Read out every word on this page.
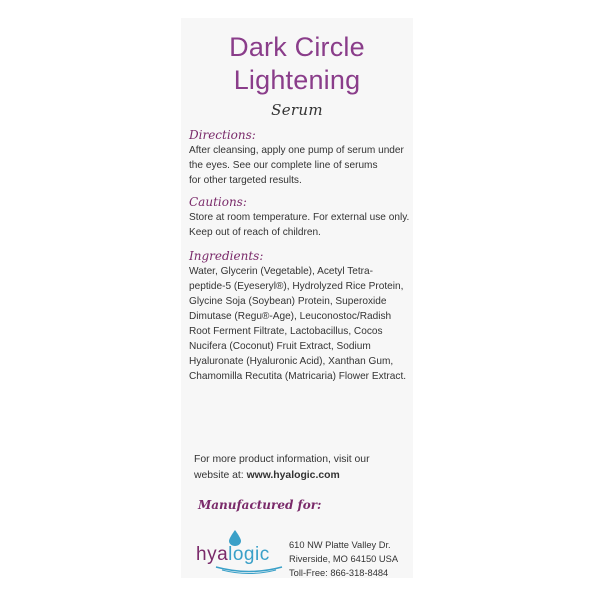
Dark Circle
Lightening
Serum
Directions:
After cleansing, apply one pump of serum under
the eyes. See our complete line of serums
for other targeted results.
Cautions:
Store at room temperature. For external use only.
Keep out of reach of children.
Ingredients:
Water, Glycerin (Vegetable), Acetyl Tetra-
peptide-5 (Eyeseryl®), Hydrolyzed Rice Protein,
Glycine Soja (Soybean) Protein, Superoxide
Dimutase (Regu®-Age), Leuconostoc/Radish
Root Ferment Filtrate, Lactobacillus, Cocos
Nucifera (Coconut) Fruit Extract, Sodium
Hyaluronate (Hyaluronic Acid), Xanthan Gum,
Chamomilla Recutita (Matricaria) Flower Extract.
For more product information, visit our
website at: www.hyalogic.com
Manufactured for:
hyalogic 610 NW Platte Valley Dr.
Riverside, MO 64150 USA
Toll-Free: 866-318-8484
